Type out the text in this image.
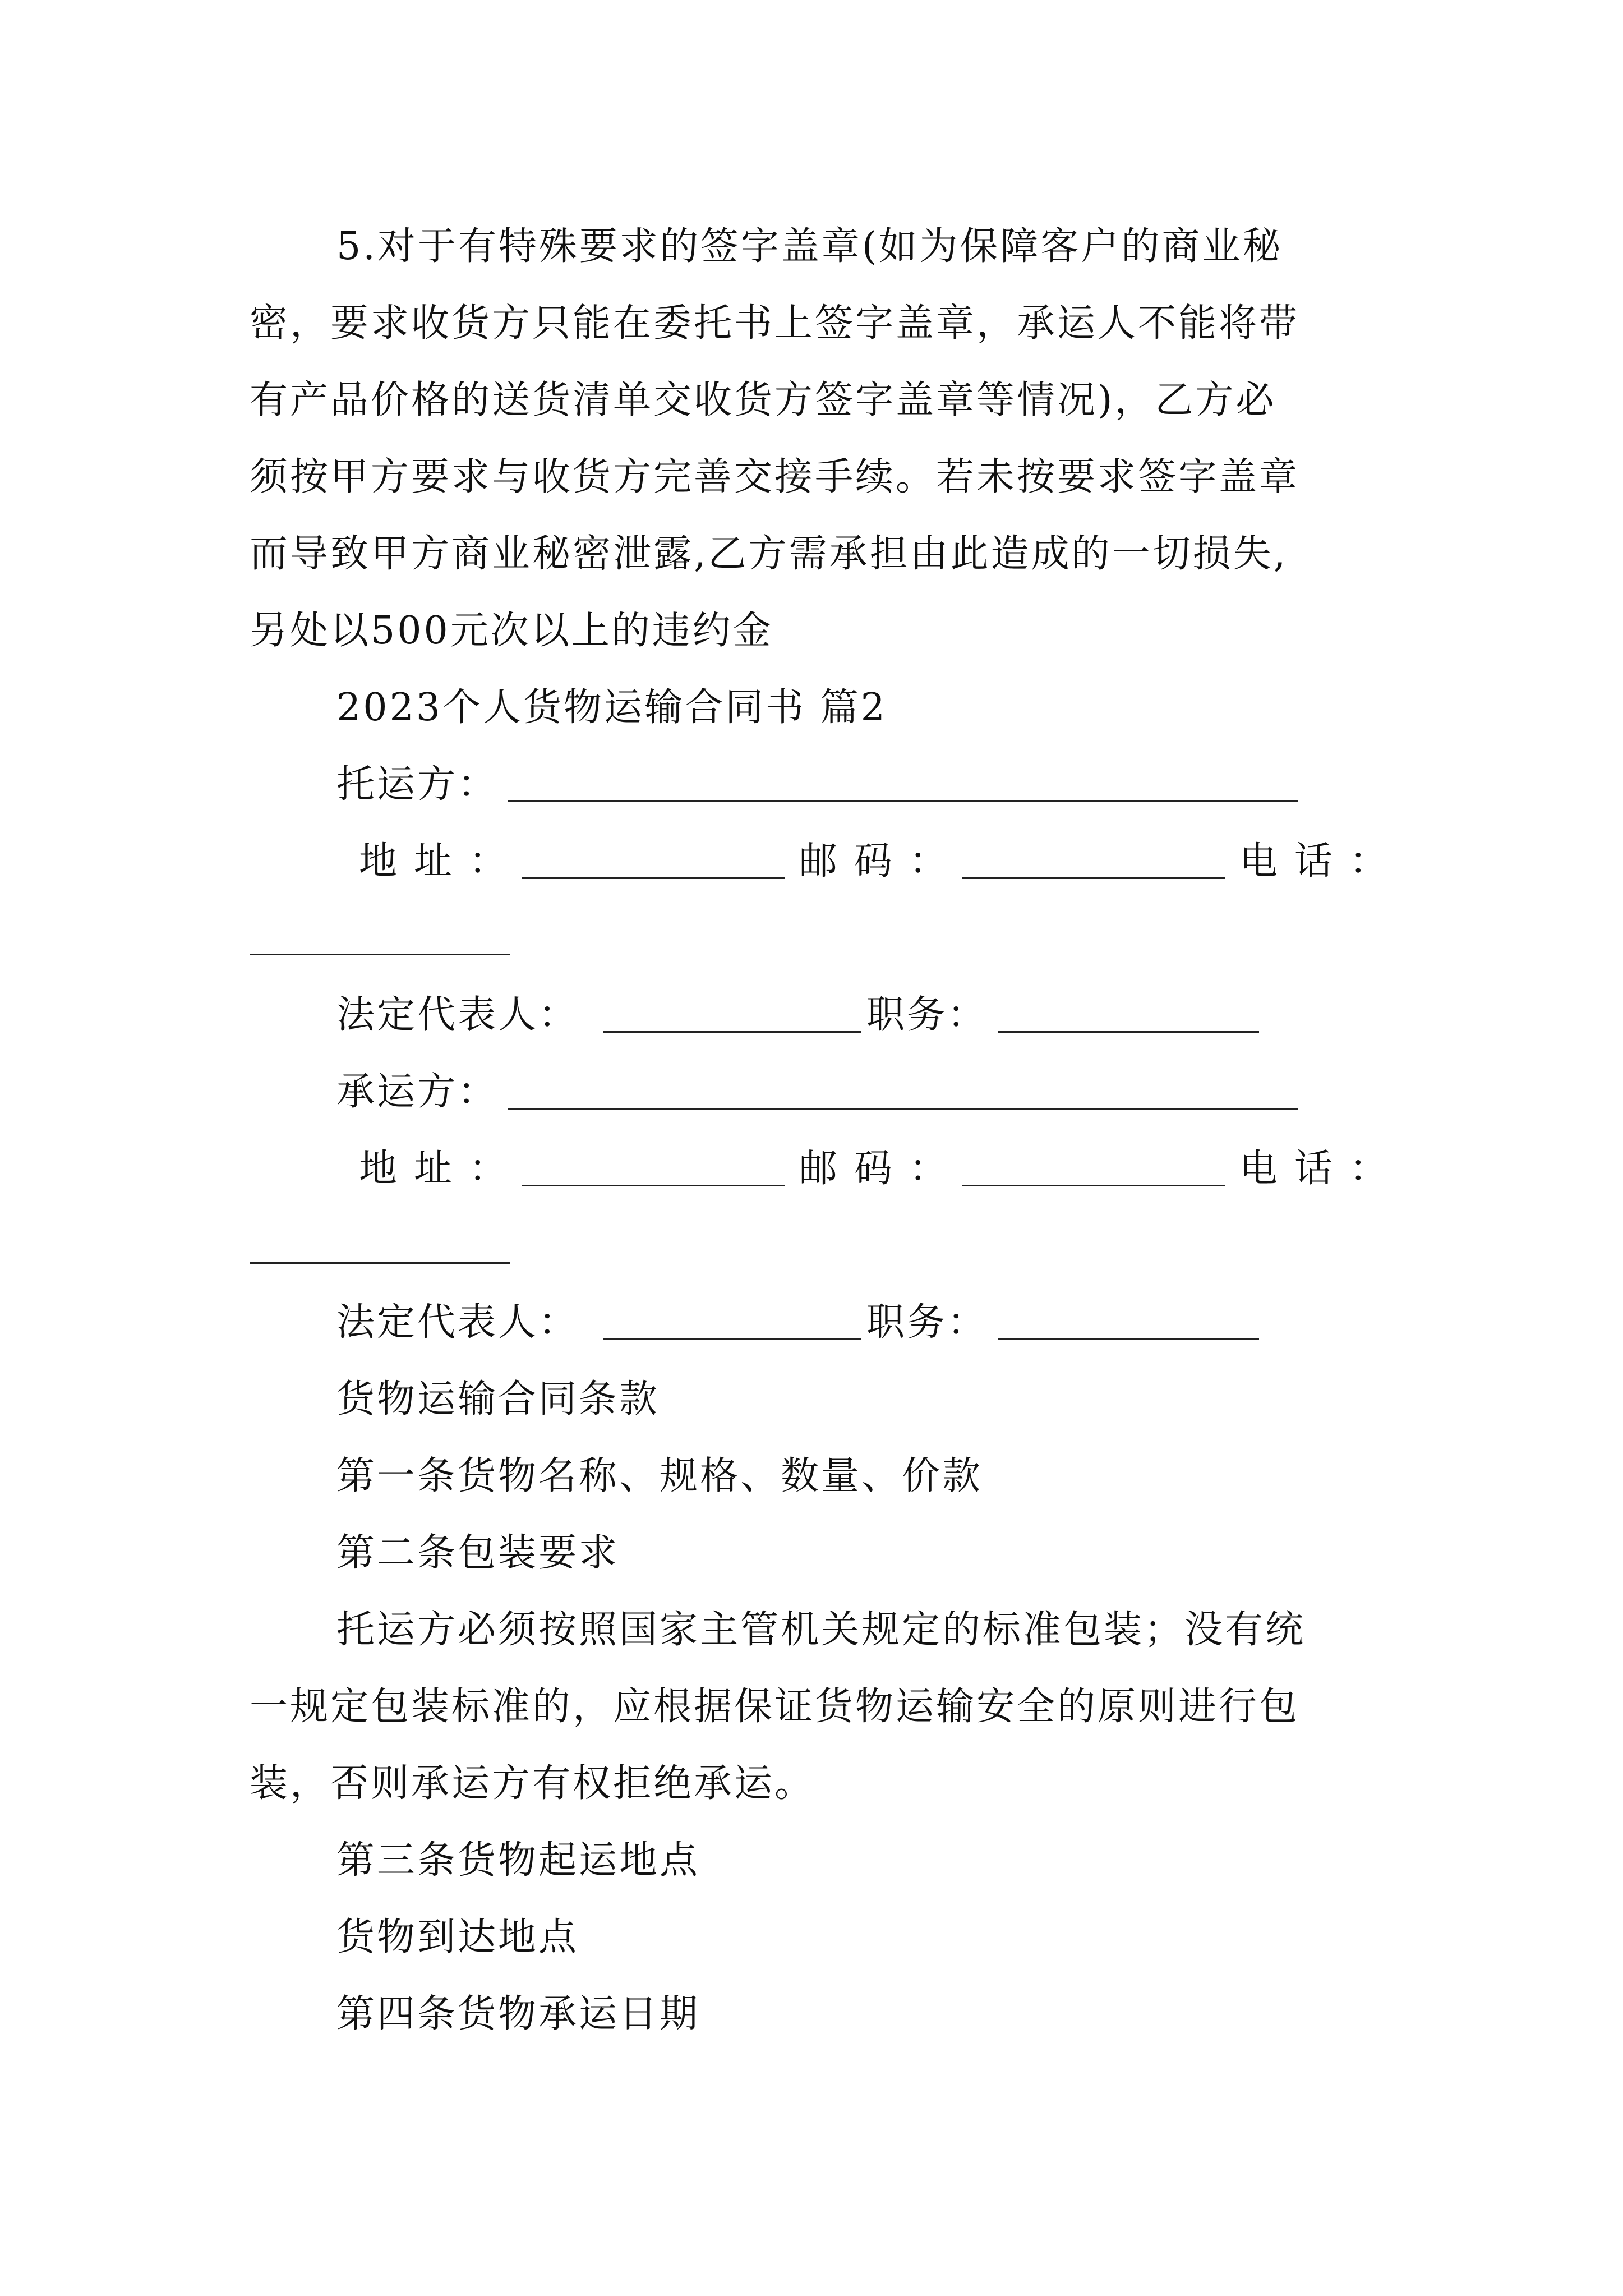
5.对于有特殊要求的签字盖章(如为保障客户的商业秘
密，要求收货方只能在委托书上签字盖章，承运人不能将带
有产品价格的送货清单交收货方签字盖章等情况)，乙方必
须按甲方要求与收货方完善交接手续。若未按要求签字盖章
而导致甲方商业秘密泄露,乙方需承担由此造成的一切损失,
另处以500元次以上的违约金
2023个人货物运输合同书 篇2
托运方：
地址：	邮码：	电话：
法定代表人：	职务：
承运方：
地址：	邮码：	电话：
法定代表人：	职务：
货物运输合同条款
第一条货物名称、规格、数量、价款
第二条包装要求
托运方必须按照国家主管机关规定的标准包装；没有统
一规定包装标准的，应根据保证货物运输安全的原则进行包
装，否则承运方有权拒绝承运。
第三条货物起运地点
货物到达地点
第四条货物承运日期
